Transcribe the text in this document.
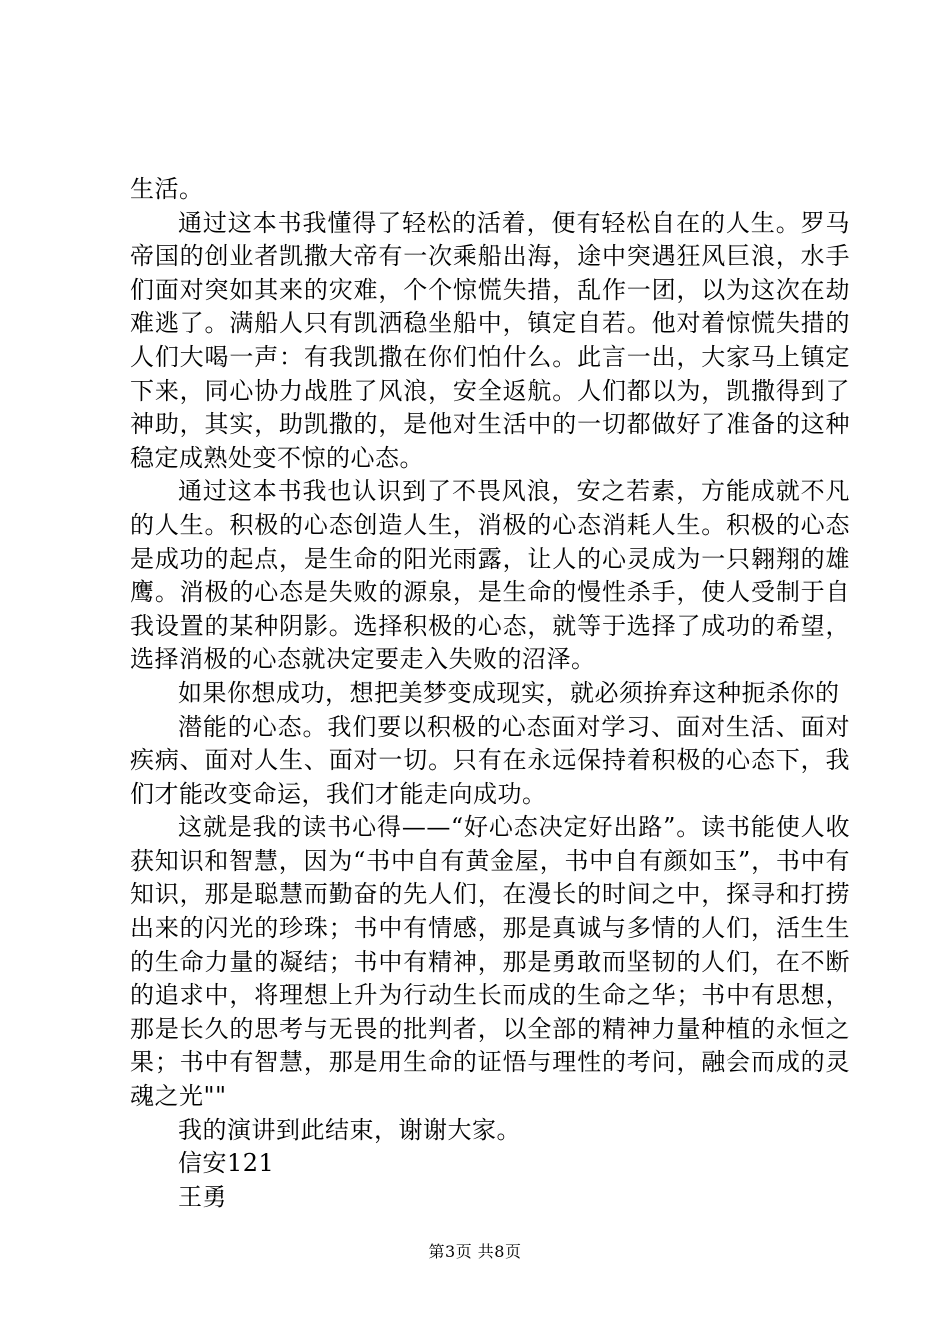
生活。

通过这本书我懂得了轻松的活着，便有轻松自在的人生。罗马帝国的创业者凯撒大帝有一次乘船出海，途中突遇狂风巨浪，水手们面对突如其来的灾难，个个惊慌失措，乱作一团，以为这次在劫难逃了。满船人只有凯洒稳坐船中，镇定自若。他对着惊慌失措的人们大喝一声：有我凯撒在你们怕什么。此言一出，大家马上镇定下来，同心协力战胜了风浪，安全返航。人们都以为，凯撒得到了神助，其实，助凯撒的，是他对生活中的一切都做好了准备的这种稳定成熟处变不惊的心态。

通过这本书我也认识到了不畏风浪，安之若素，方能成就不凡的人生。积极的心态创造人生，消极的心态消耗人生。积极的心态是成功的起点，是生命的阳光雨露，让人的心灵成为一只翱翔的雄鹰。消极的心态是失败的源泉，是生命的慢性杀手，使人受制于自我设置的某种阴影。选择积极的心态，就等于选择了成功的希望，选择消极的心态就决定要走入失败的沼泽。

如果你想成功，想把美梦变成现实，就必须拚弃这种扼杀你的

潜能的心态。我们要以积极的心态面对学习、面对生活、面对疾病、面对人生、面对一切。只有在永远保持着积极的心态下，我们才能改变命运，我们才能走向成功。

这就是我的读书心得——“好心态决定好出路”。读书能使人收获知识和智慧，因为“书中自有黄金屋，书中自有颜如玉”，书中有知识，那是聪慧而勤奋的先人们，在漫长的时间之中，探寻和打捞出来的闪光的珍珠；书中有情感，那是真诚与多情的人们，活生生的生命力量的凝结；书中有精神，那是勇敢而坚韧的人们，在不断的追求中，将理想上升为行动生长而成的生命之华；书中有思想，那是长久的思考与无畏的批判者，以全部的精神力量种植的永恒之果；书中有智慧，那是用生命的证悟与理性的考问，融会而成的灵魂之光""

我的演讲到此结束，谢谢大家。

信安121

王勇

第3页 共8页
